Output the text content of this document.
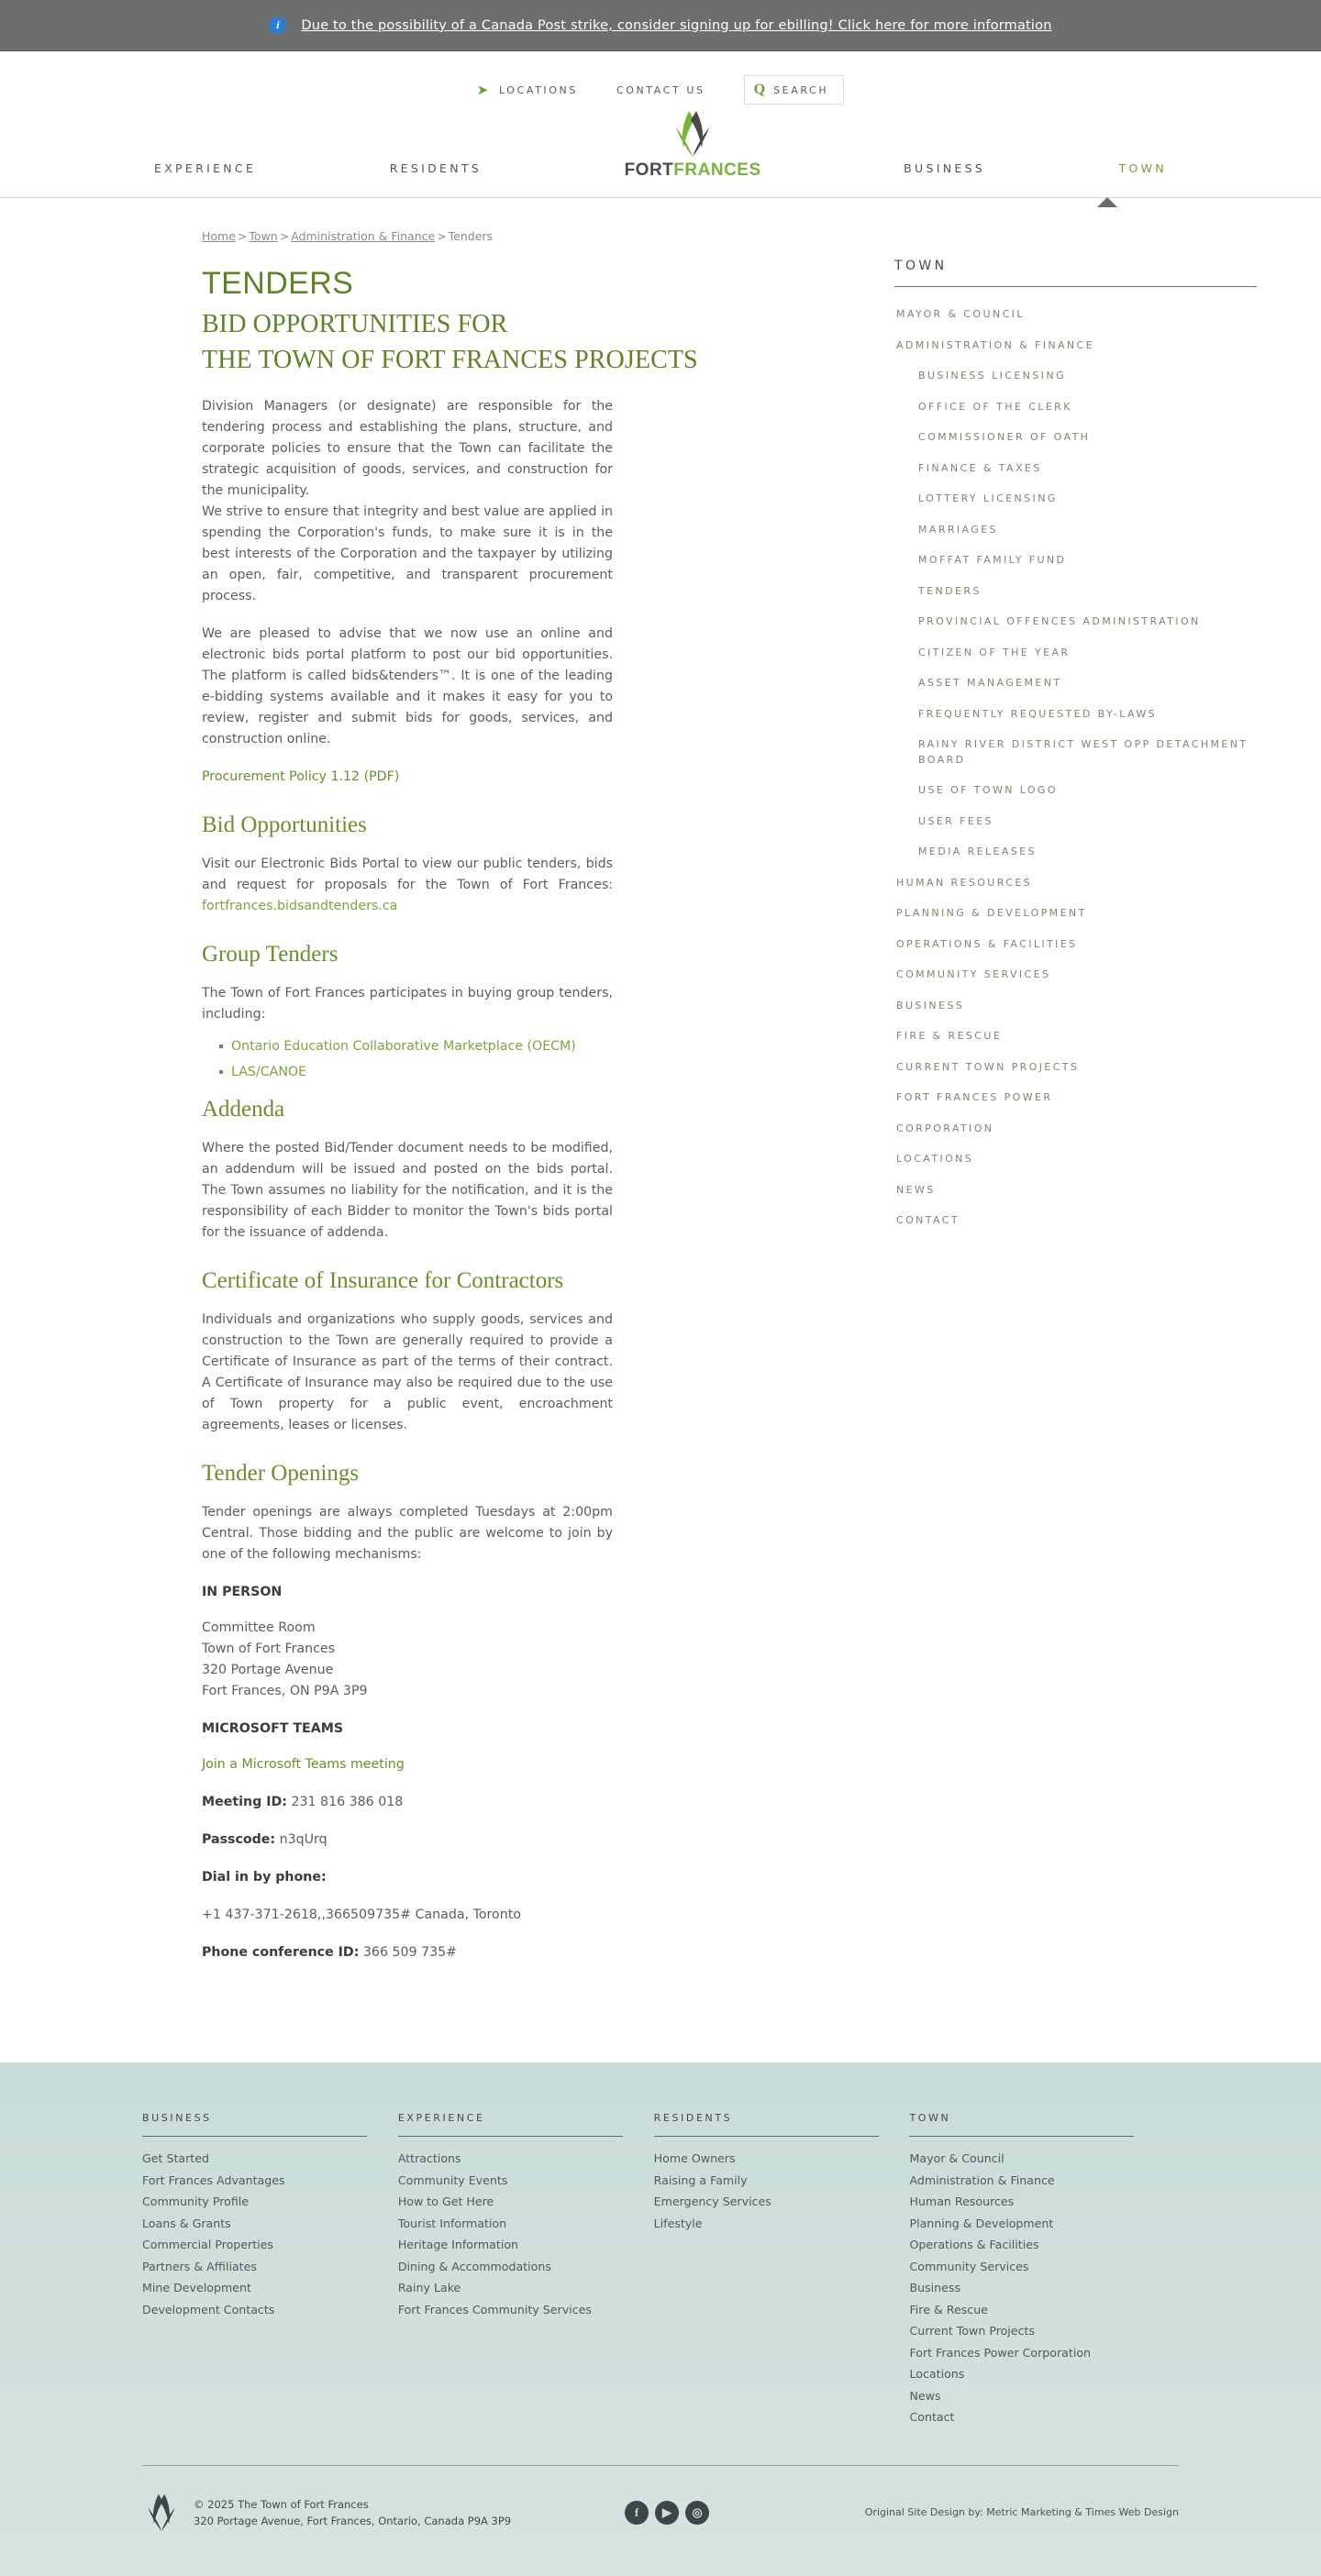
i	Due to the possibility of a Canada Post strike, consider signing up for ebilling! Click here for more information
➤ LOCATIONS	CONTACT US	Q SEARCH
EXPERIENCE	RESIDENTS	FORTFRANCES	BUSINESS	TOWN
Home > Town > Administration & Finance > Tenders
TENDERS
BID OPPORTUNITIES FOR
THE TOWN OF FORT FRANCES PROJECTS

Division Managers (or designate) are responsible for the tendering process and establishing the plans, structure, and corporate policies to ensure that the Town can facilitate the strategic acquisition of goods, services, and construction for the municipality.

We strive to ensure that integrity and best value are applied in spending the Corporation's funds, to make sure it is in the best interests of the Corporation and the taxpayer by utilizing an open, fair, competitive, and transparent procurement process.

We are pleased to advise that we now use an online and electronic bids portal platform to post our bid opportunities. The platform is called bids&tenders™. It is one of the leading e-bidding systems available and it makes it easy for you to review, register and submit bids for goods, services, and construction online.

Procurement Policy 1.12 (PDF)

Bid Opportunities

Visit our Electronic Bids Portal to view our public tenders, bids and request for proposals for the Town of Fort Frances: fortfrances.bidsandtenders.ca

Group Tenders

The Town of Fort Frances participates in buying group tenders, including:

Ontario Education Collaborative Marketplace (OECM)
LAS/CANOE
Addenda

Where the posted Bid/Tender document needs to be modified, an addendum will be issued and posted on the bids portal. The Town assumes no liability for the notification, and it is the responsibility of each Bidder to monitor the Town's bids portal for the issuance of addenda.

Certificate of Insurance for Contractors

Individuals and organizations who supply goods, services and construction to the Town are generally required to provide a Certificate of Insurance as part of the terms of their contract. A Certificate of Insurance may also be required due to the use of Town property for a public event, encroachment agreements, leases or licenses.

Tender Openings

Tender openings are always completed Tuesdays at 2:00pm Central. Those bidding and the public are welcome to join by one of the following mechanisms:

IN PERSON
Committee Room
Town of Fort Frances
320 Portage Avenue
Fort Frances, ON P9A 3P9
MICROSOFT TEAMS

Join a Microsoft Teams meeting

Meeting ID: 231 816 386 018
Passcode: n3qUrq
Dial in by phone:
+1 437-371-2618,,366509735# Canada, Toronto
Phone conference ID: 366 509 735#
TOWN
MAYOR & COUNCIL
ADMINISTRATION & FINANCE
BUSINESS LICENSING
OFFICE OF THE CLERK
COMMISSIONER OF OATH
FINANCE & TAXES
LOTTERY LICENSING
MARRIAGES
MOFFAT FAMILY FUND
TENDERS
PROVINCIAL OFFENCES ADMINISTRATION
CITIZEN OF THE YEAR
ASSET MANAGEMENT
FREQUENTLY REQUESTED BY-LAWS
RAINY RIVER DISTRICT WEST OPP DETACHMENT BOARD
USE OF TOWN LOGO
USER FEES
MEDIA RELEASES
HUMAN RESOURCES
PLANNING & DEVELOPMENT
OPERATIONS & FACILITIES
COMMUNITY SERVICES
BUSINESS
FIRE & RESCUE
CURRENT TOWN PROJECTS
FORT FRANCES POWER
CORPORATION
LOCATIONS
NEWS
CONTACT
BUSINESS
Get Started
Fort Frances Advantages
Community Profile
Loans & Grants
Commercial Properties
Partners & Affiliates
Mine Development
Development Contacts
EXPERIENCE
Attractions
Community Events
How to Get Here
Tourist Information
Heritage Information
Dining & Accommodations
Rainy Lake
Fort Frances Community Services
RESIDENTS
Home Owners
Raising a Family
Emergency Services
Lifestyle
TOWN
Mayor & Council
Administration & Finance
Human Resources
Planning & Development
Operations & Facilities
Community Services
Business
Fire & Rescue
Current Town Projects
Fort Frances Power Corporation
Locations
News
Contact
© 2025 The Town of Fort Frances
320 Portage Avenue, Fort Frances, Ontario, Canada P9A 3P9
f	▶	◎	Original Site Design by: Metric Marketing & Times Web Design
